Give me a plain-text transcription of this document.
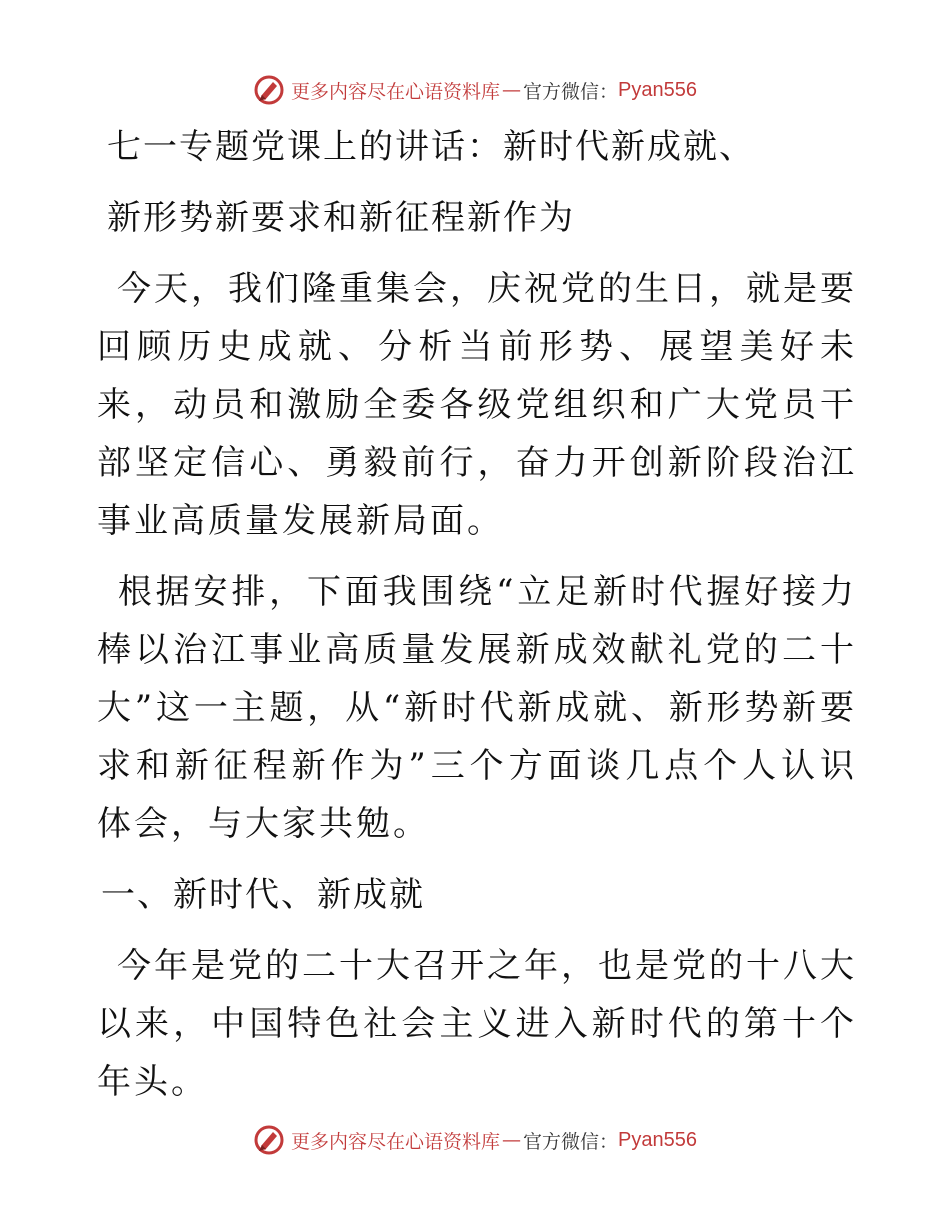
更多内容尽在心语资料库 — 官方微信： Pyan556

七一专题党课上的讲话：新时代新成就、

新形势新要求和新征程新作为

 今天，我们隆重集会，庆祝党的生日，就是要回顾历史成就、分析当前形势、展望美好未来，动员和激励全委各级党组织和广大党员干部坚定信心、勇毅前行，奋力开创新阶段治江事业高质量发展新局面。

 根据安排，下面我围绕“立足新时代握好接力棒以治江事业高质量发展新成效献礼党的二十大”这一主题，从“新时代新成就、新形势新要求和新征程新作为”三个方面谈几点个人认识体会，与大家共勉。

一、新时代、新成就

 今年是党的二十大召开之年，也是党的十八大以来，中国特色社会主义进入新时代的第十个年头。

更多内容尽在心语资料库 — 官方微信： Pyan556
